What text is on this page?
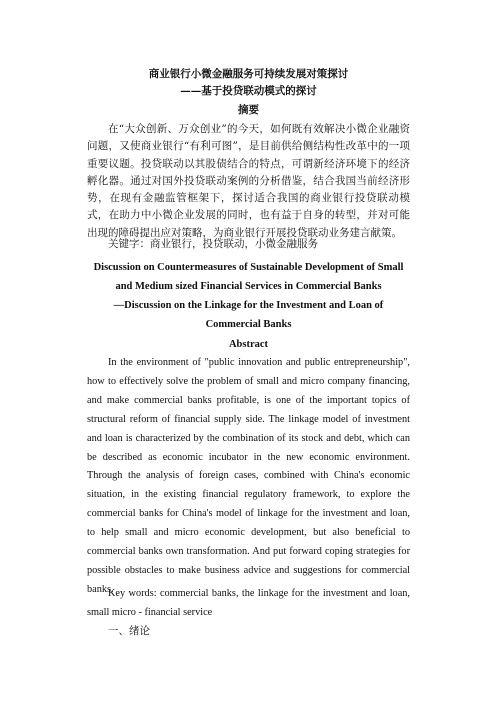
商业银行小微金融服务可持续发展对策探讨
——基于投贷联动模式的探讨
摘要

在“大众创新、万众创业”的今天，如何既有效解决小微企业融资问题，又使商业银行“有利可图”，是目前供给侧结构性改革中的一项重要议题。投贷联动以其股债结合的特点，可谓新经济环境下的经济孵化器。通过对国外投贷联动案例的分析借鉴，结合我国当前经济形势，在现有金融监管框架下，探讨适合我国的商业银行投贷联动模式，在助力中小微企业发展的同时，也有益于自身的转型，并对可能出现的障碍提出应对策略，为商业银行开展投贷联动业务建言献策。

关键字：商业银行，投贷联动，小微金融服务

Discussion on Countermeasures of Sustainable Development of Small and Medium sized Financial Services in Commercial Banks
—Discussion on the Linkage for the Investment and Loan of Commercial Banks
Abstract

In the environment of "public innovation and public entrepreneurship", how to effectively solve the problem of small and micro company financing, and make commercial banks profitable, is one of the important topics of structural reform of financial supply side. The linkage model of investment and loan is characterized by the combination of its stock and debt, which can be described as economic incubator in the new economic environment. Through the analysis of foreign cases, combined with China's economic situation, in the existing financial regulatory framework, to explore the commercial banks for China's model of linkage for the investment and loan, to help small and micro economic development, but also beneficial to commercial banks own transformation. And put forward coping strategies for possible obstacles to make business advice and suggestions for commercial banks.

Key words: commercial banks, the linkage for the investment and loan, small micro - financial service

一、绪论
